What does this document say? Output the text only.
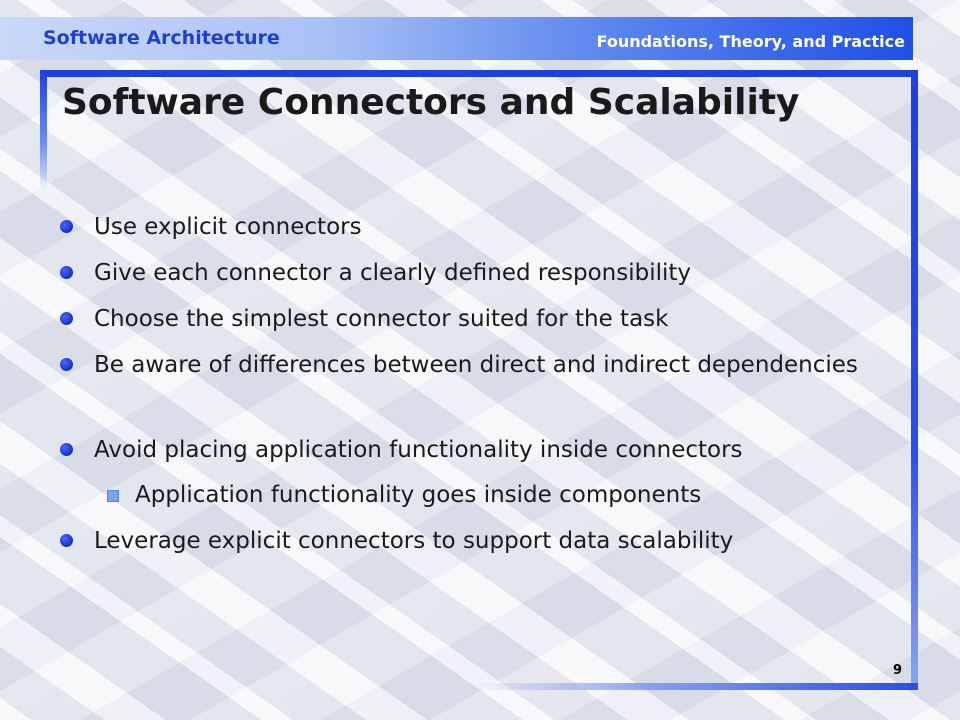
Software Architecture	Foundations, Theory, and Practice
Software Connectors and Scalability
Use explicit connectors
Give each connector a clearly defined responsibility
Choose the simplest connector suited for the task
Be aware of differences between direct and indirect dependencies
Avoid placing application functionality inside connectors
Application functionality goes inside components
Leverage explicit connectors to support data scalability
9
